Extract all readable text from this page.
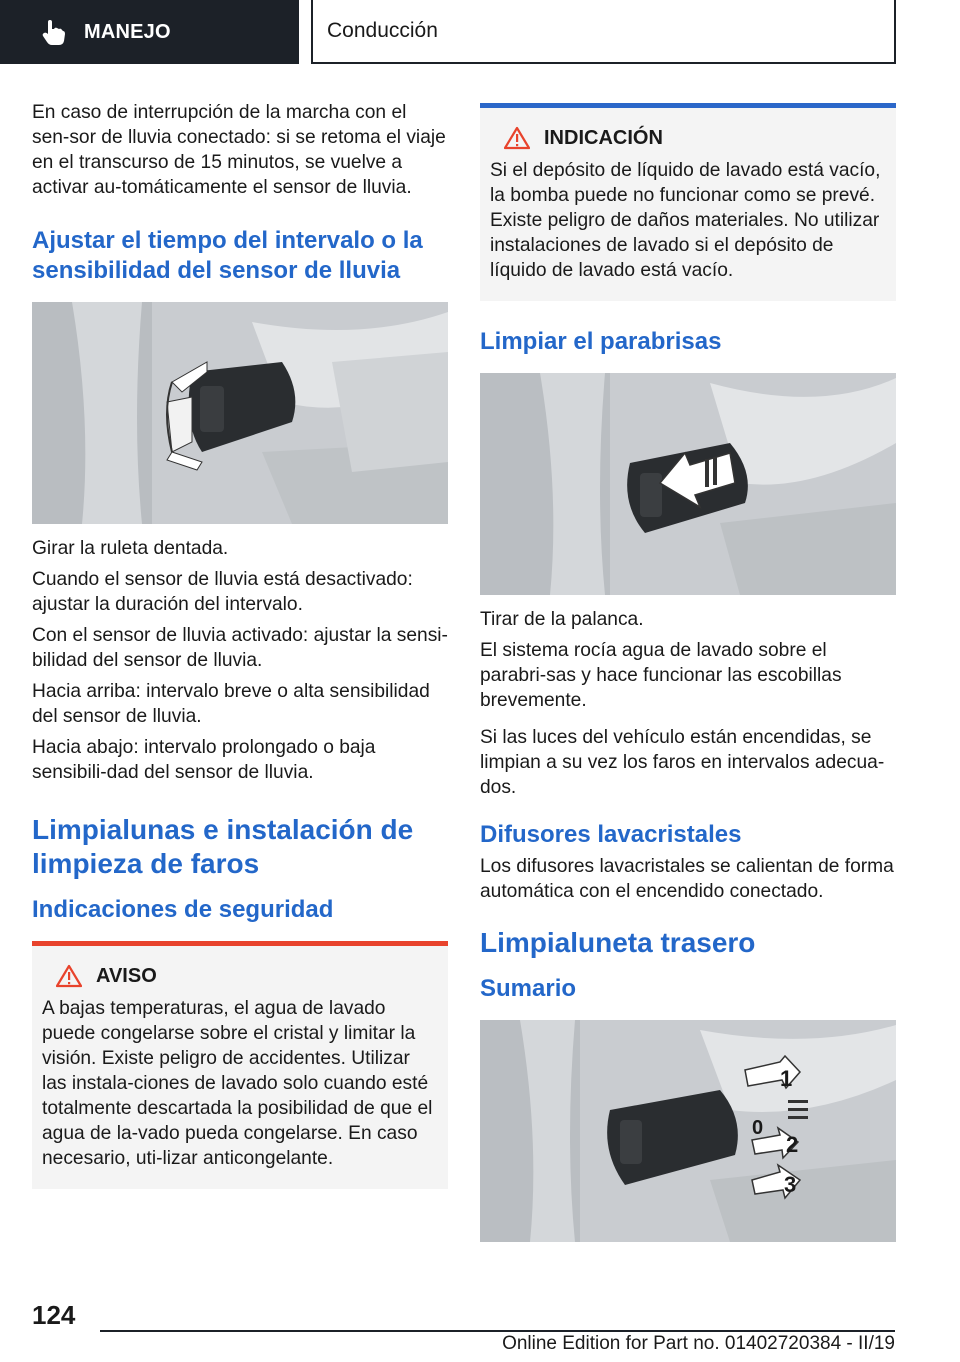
MANEJO	Conducción

En caso de interrupción de la marcha con el sen-sor de lluvia conectado: si se retoma el viaje en el transcurso de 15 minutos, se vuelve a activar au-tomáticamente el sensor de lluvia.

Ajustar el tiempo del intervalo o la sensibilidad del sensor de lluvia

Girar la ruleta dentada.

Cuando el sensor de lluvia está desactivado: ajustar la duración del intervalo.

Con el sensor de lluvia activado: ajustar la sensi-bilidad del sensor de lluvia.

Hacia arriba: intervalo breve o alta sensibilidad del sensor de lluvia.

Hacia abajo: intervalo prolongado o baja sensibili-dad del sensor de lluvia.

Limpialunas e instalación de limpieza de faros
Indicaciones de seguridad
AVISO

A bajas temperaturas, el agua de lavado puede congelarse sobre el cristal y limitar la visión. Existe peligro de accidentes. Utilizar las instala-ciones de lavado solo cuando esté totalmente descartada la posibilidad de que el agua de la-vado pueda congelarse. En caso necesario, uti-lizar anticongelante.

INDICACIÓN

Si el depósito de líquido de lavado está vacío, la bomba puede no funcionar como se prevé. Existe peligro de daños materiales. No utilizar instalaciones de lavado si el depósito de líquido de lavado está vacío.

Limpiar el parabrisas

Tirar de la palanca.

El sistema rocía agua de lavado sobre el parabri-sas y hace funcionar las escobillas brevemente.

Si las luces del vehículo están encendidas, se limpian a su vez los faros en intervalos adecua-dos.

Difusores lavacristales

Los difusores lavacristales se calientan de forma automática con el encendido conectado.

Limpialuneta trasero
Sumario
1
0
2
3
124
Online Edition for Part no. 01402720384 - II/19
